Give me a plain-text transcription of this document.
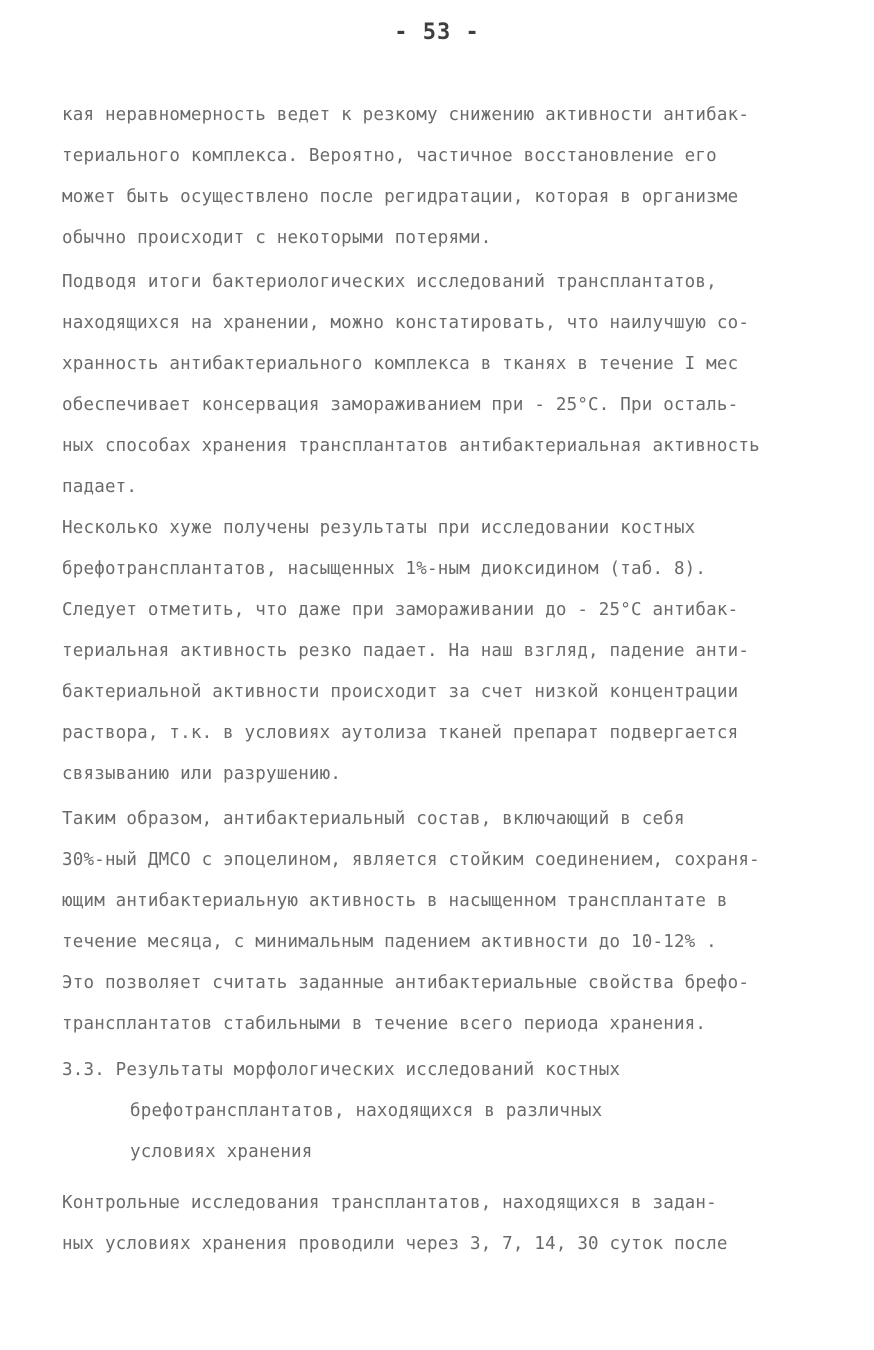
- 53 -
кая неравномерность ведет к резкому снижению активности антибак-
териального комплекса. Вероятно, частичное восстановление его
может быть осуществлено после регидратации, которая в организме
обычно происходит с некоторыми потерями.
Подводя итоги бактериологических исследований трансплантатов,
находящихся на хранении, можно констатировать, что наилучшую со-
хранность антибактериального комплекса в тканях в течение I мес
обеспечивает консервация замораживанием при - 25°С. При осталь-
ных способах хранения трансплантатов антибактериальная активность
падает.
Несколько хуже получены результаты при исследовании костных
брефотрансплантатов, насыщенных 1%-ным диоксидином (таб. 8).
Следует отметить, что даже при замораживании до - 25°С антибак-
териальная активность резко падает. На наш взгляд, падение анти-
бактериальной активности происходит за счет низкой концентрации
раствора, т.к. в условиях аутолиза тканей препарат подвергается
связыванию или разрушению.
Таким образом, антибактериальный состав, включающий в себя
30%-ный ДМСО с эпоцелином, является стойким соединением, сохраня-
ющим антибактериальную активность в насыщенном трансплантате в
течение месяца, с минимальным падением активности до 10-12% .
Это позволяет считать заданные антибактериальные свойства брефо-
трансплантатов стабильными в течение всего периода хранения.
3.3. Результаты морфологических исследований костных
брефотрансплантатов, находящихся в различных
условиях хранения
Контрольные исследования трансплантатов, находящихся в задан-
ных условиях хранения проводили через 3, 7, 14, 30 суток после
